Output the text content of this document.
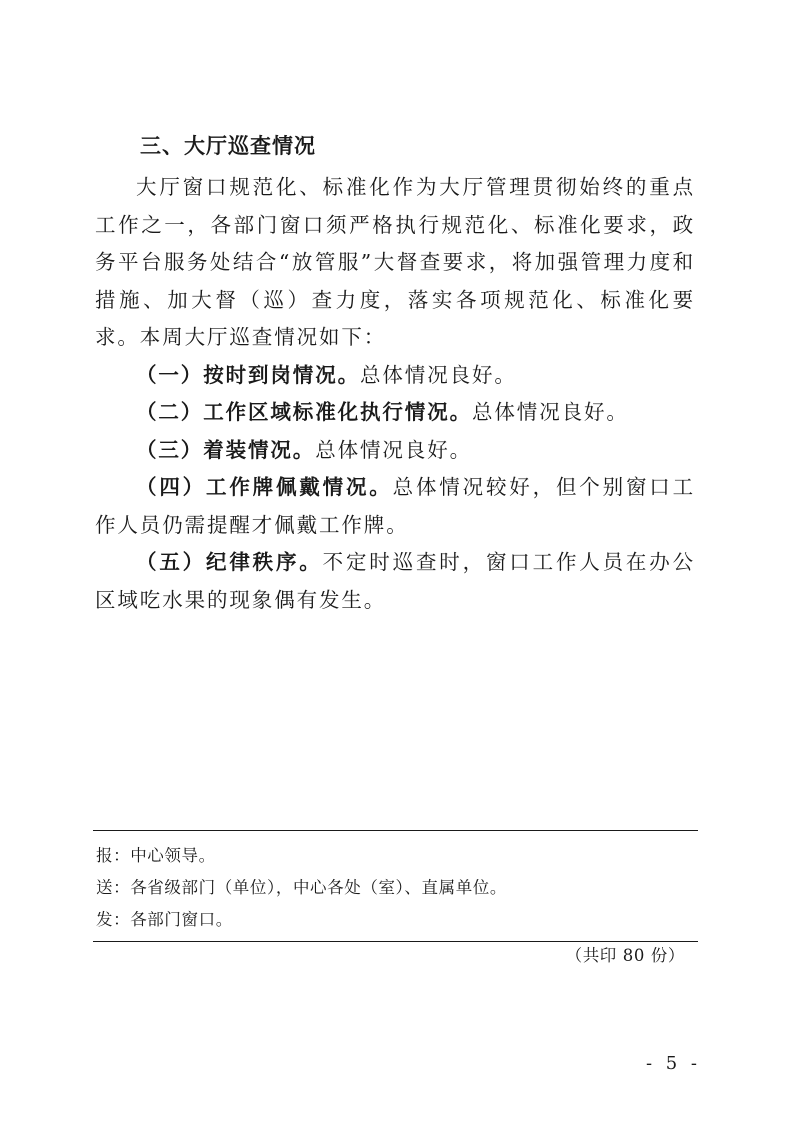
三、大厅巡查情况

大厅窗口规范化、标准化作为大厅管理贯彻始终的重点工作之一，各部门窗口须严格执行规范化、标准化要求，政务平台服务处结合“放管服”大督查要求，将加强管理力度和措施、加大督（巡）查力度，落实各项规范化、标准化要求。本周大厅巡查情况如下：

（一）按时到岗情况。总体情况良好。

（二）工作区域标准化执行情况。总体情况良好。

（三）着装情况。总体情况良好。

（四）工作牌佩戴情况。总体情况较好，但个别窗口工作人员仍需提醒才佩戴工作牌。

（五）纪律秩序。不定时巡查时，窗口工作人员在办公区域吃水果的现象偶有发生。

报：中心领导。

送：各省级部门（单位），中心各处（室）、直属单位。

发：各部门窗口。

（共印 80 份）
- 5 -
